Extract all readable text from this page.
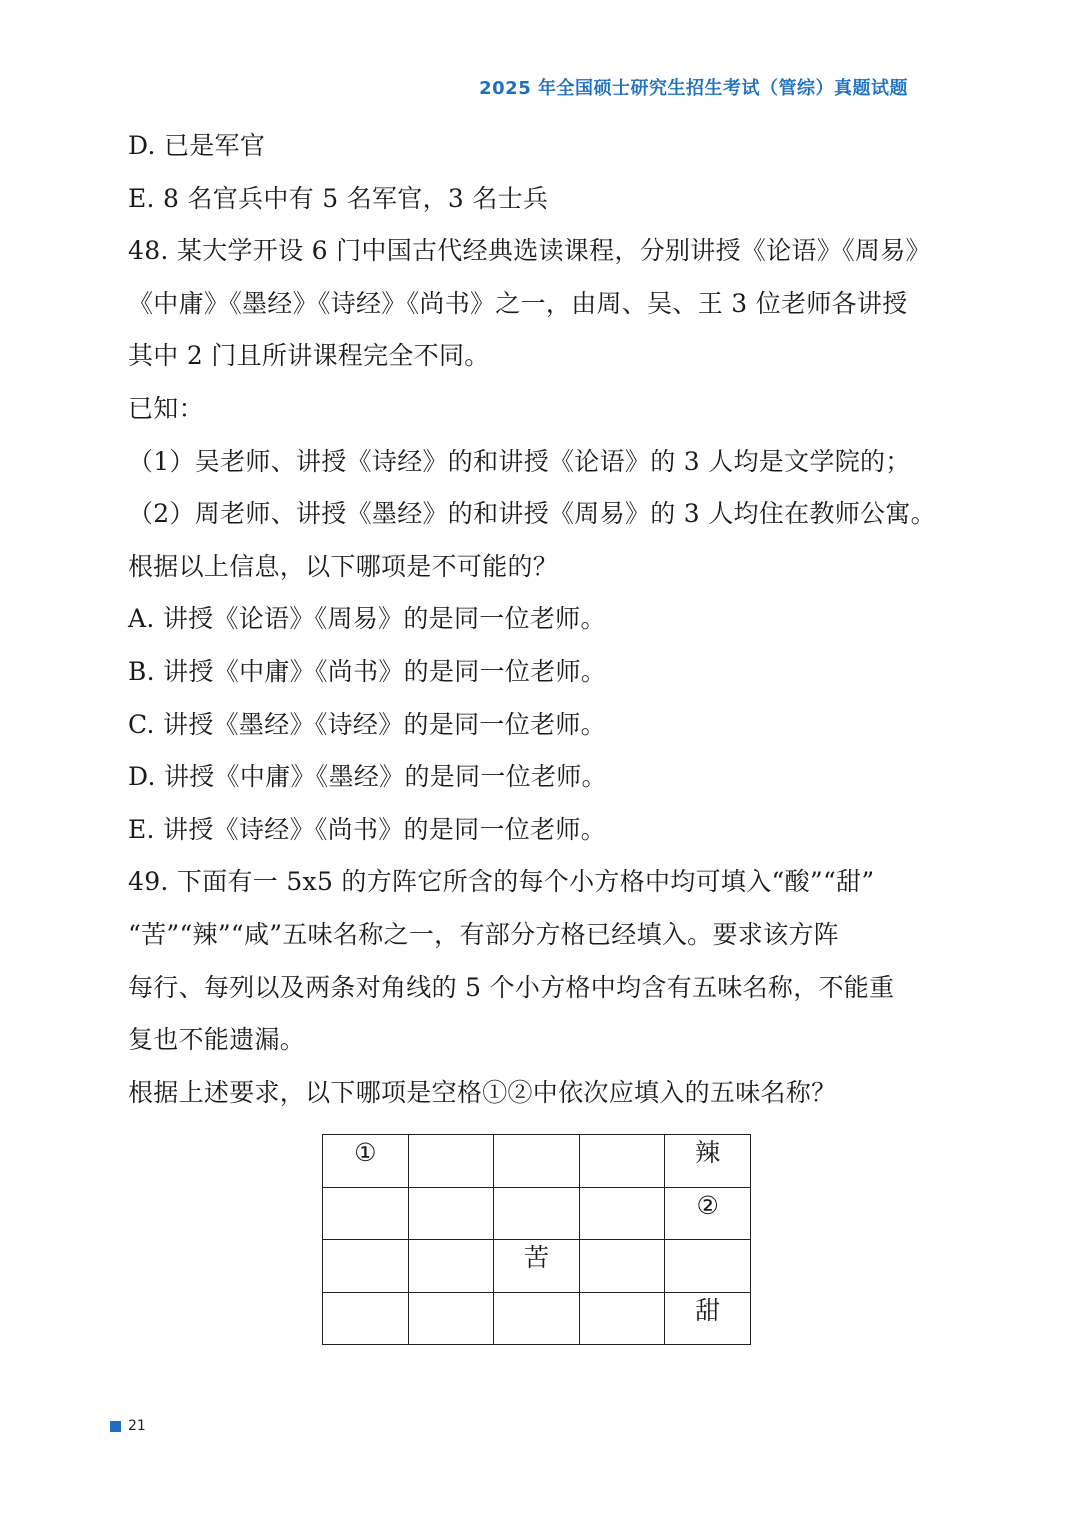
2025 年全国硕士研究生招生考试（管综）真题试题
D. 已是军官
E. 8 名官兵中有 5 名军官，3 名士兵
48. 某大学开设 6 门中国古代经典选读课程，分别讲授《论语》《周易》
《中庸》《墨经》《诗经》《尚书》之一，由周、吴、王 3 位老师各讲授
其中 2 门且所讲课程完全不同。
已知：
（1）吴老师、讲授《诗经》的和讲授《论语》的 3 人均是文学院的；
（2）周老师、讲授《墨经》的和讲授《周易》的 3 人均住在教师公寓。
根据以上信息，以下哪项是不可能的？
A. 讲授《论语》《周易》的是同一位老师。
B. 讲授《中庸》《尚书》的是同一位老师。
C. 讲授《墨经》《诗经》的是同一位老师。
D. 讲授《中庸》《墨经》的是同一位老师。
E. 讲授《诗经》《尚书》的是同一位老师。
49. 下面有一 5x5 的方阵它所含的每个小方格中均可填入“酸”“甜”
“苦”“辣”“咸”五味名称之一，有部分方格已经填入。要求该方阵
每行、每列以及两条对角线的 5 个小方格中均含有五味名称，不能重
复也不能遗漏。
根据上述要求，以下哪项是空格①②中依次应填入的五味名称？
①				辣
				②
		苦		
				甜
21
